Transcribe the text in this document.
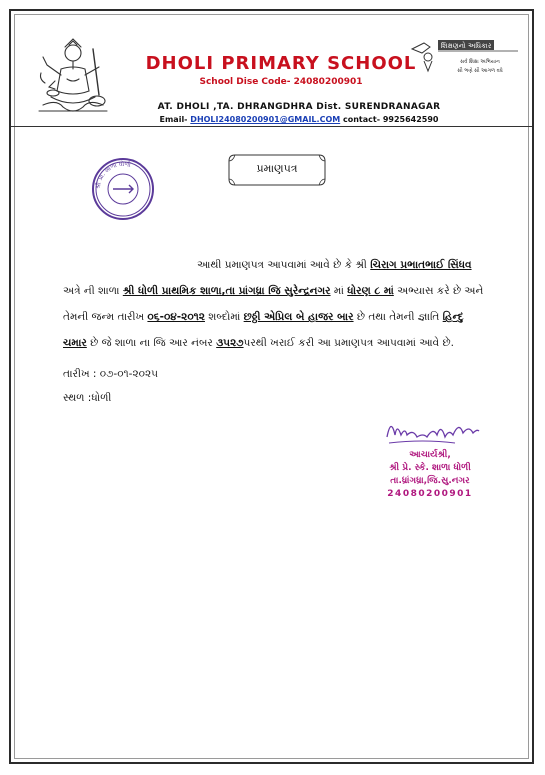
શિક્ષણનો અધિકાર
સર્વ શિક્ષા અભિયાન
સૌ ભણે સૌ આગળ વધે
DHOLI PRIMARY SCHOOL
School Dise Code- 24080200901
AT. DHOLI ,TA. DHRANGDHRA Dist. SURENDRANAGAR
Email- DHOLI24080200901@GMAIL.COM contact- 9925642590
શ્રી પ્રા. શાળા ધોળી	પ્રમાણપત્ર
આથી પ્રમાણપત્ર આપવામાં આવે છે કે શ્રી ચિરાગ પ્રભાતભાઈ સિંધવ
અત્રે ની શાળા શ્રી ધોળી પ્રાથમિક શાળા,તા પ્રાંગધ્રા જિ સુરેન્દ્રનગર માં ધોરણ ૮ માં અભ્યાસ કરે છે અને
તેમની જન્મ તારીખ ૦૬-૦૪-૨૦૧૨ શબ્દોમાં છઠ્ઠી એપ્રિલ બે હાજર બાર છે તથા તેમની જ્ઞાતિ હિન્દુ
ચમાર છે જે શાળા ના જિ આર નંબર ૩૫૨૭પરથી ખરાઈ કરી આ પ્રમાણપત્ર આપવામાં આવે છે.
તારીખ : ૦૭-૦૧-૨૦૨૫
સ્થળ :ધોળી
આચાર્યશ્રી,
શ્રી પ્રે. સ્કે. શાળા ધોળી
તા.ધ્રાંગધ્રા,જિ.સુ.નગર
24080200901
